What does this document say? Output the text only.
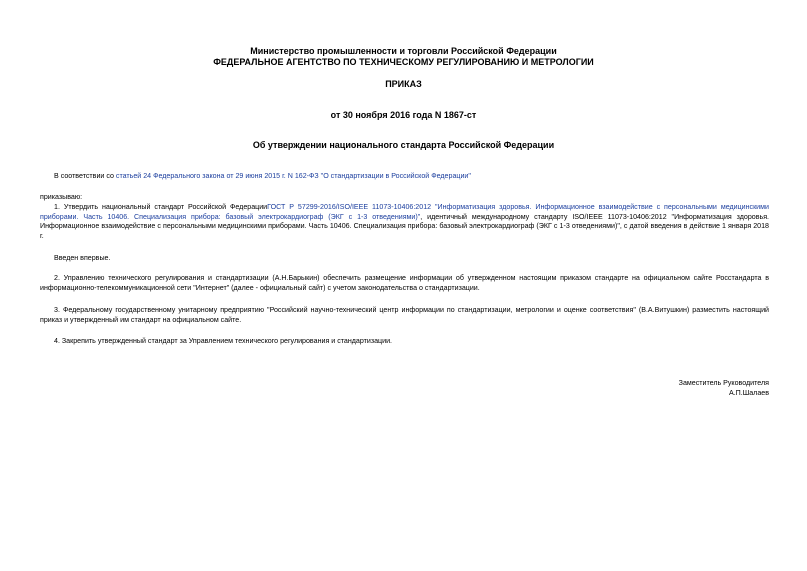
Министерство промышленности и торговли Российской Федерации
ФЕДЕРАЛЬНОЕ АГЕНТСТВО ПО ТЕХНИЧЕСКОМУ РЕГУЛИРОВАНИЮ И МЕТРОЛОГИИ
ПРИКАЗ
от 30 ноября 2016 года N 1867-ст
Об утверждении национального стандарта Российской Федерации
В соответствии со статьей 24 Федерального закона от 29 июня 2015 г. N 162-ФЗ "О стандартизации в Российской Федерации"
приказываю:
1. Утвердить национальный стандарт Российской ФедерацииГОСТ Р 57299-2016/ISO/IEEE 11073-10406:2012 "Информатизация здоровья. Информационное взаимодействие с персональными медицинскими приборами. Часть 10406. Специализация прибора: базовый электрокардиограф (ЭКГ с 1-3 отведениями)", идентичный международному стандарту ISO/IEEE 11073-10406:2012 "Информатизация здоровья. Информационное взаимодействие с персональными медицинскими приборами. Часть 10406. Специализация прибора: базовый электрокардиограф (ЭКГ с 1-3 отведениями)", с датой введения в действие 1 января 2018 г.
Введен впервые.
2. Управлению технического регулирования и стандартизации (А.Н.Барыкин) обеспечить размещение информации об утвержденном настоящим приказом стандарте на официальном сайте Росстандарта в информационно-телекоммуникационной сети "Интернет" (далее - официальный сайт) с учетом законодательства о стандартизации.
3. Федеральному государственному унитарному предприятию "Российский научно-технический центр информации по стандартизации, метрологии и оценке соответствия" (В.А.Витушкин) разместить настоящий приказ и утвержденный им стандарт на официальном сайте.
4. Закрепить утвержденный стандарт за Управлением технического регулирования и стандартизации.
Заместитель Руководителя
А.П.Шалаев
